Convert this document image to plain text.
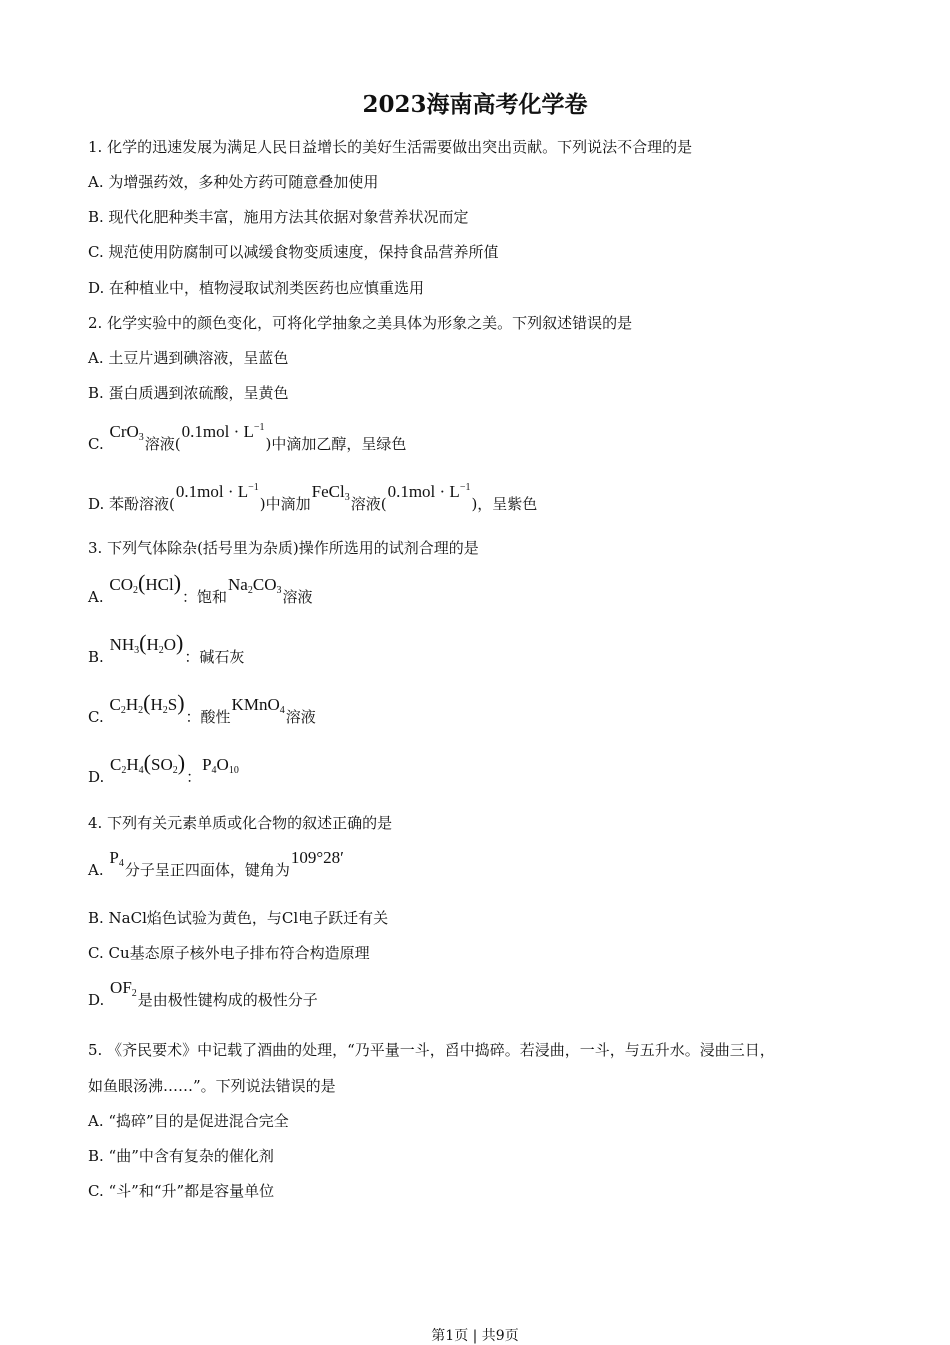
2023海南高考化学卷
1. 化学的迅速发展为满足人民日益增长的美好生活需要做出突出贡献。下列说法不合理的是
A. 为增强药效，多种处方药可随意叠加使用
B. 现代化肥种类丰富，施用方法其依据对象营养状况而定
C. 规范使用防腐制可以减缓食物变质速度，保持食品营养所值
D. 在种植业中，植物浸取试剂类医药也应慎重选用
2. 化学实验中的颜色变化，可将化学抽象之美具体为形象之美。下列叙述错误的是
A. 土豆片遇到碘溶液，呈蓝色
B. 蛋白质遇到浓硫酸，呈黄色
C. CrO$_3$溶液$(0.1mol \cdot L^{-1})$中滴加乙醇，呈绿色
D. 苯酚溶液$(0.1mol \cdot L^{-1})$中滴加FeCl$_3$溶液$(0.1mol \cdot L^{-1})$，呈紫色
3. 下列气体除杂(括号里为杂质)操作所选用的试剂合理的是
A. $CO_2(HCl)$：饱和$Na_2CO_3$溶液
B. $NH_3(H_2O)$：碱石灰
C. $C_2H_2(H_2S)$：酸性KMnO$_4$溶液
D. $C_2H_4(SO_2)$：$P_4O_{10}$
4. 下列有关元素单质或化合物的叙述正确的是
A. $P_4$分子呈正四面体，键角为109°28′
B. NaCl焰色试验为黄色，与Cl电子跃迁有关
C. Cu基态原子核外电子排布符合构造原理
D. $OF_2$是由极性键构成的极性分子
5. 《齐民要术》中记载了酒曲的处理，“乃平量一斗，舀中捣碎。若浸曲，一斗，与五升水。浸曲三日，
如鱼眼汤沸……”。下列说法错误的是
A. “捣碎”目的是促进混合完全
B. “曲”中含有复杂的催化剂
C. “斗”和“升”都是容量单位
第1页 | 共9页
